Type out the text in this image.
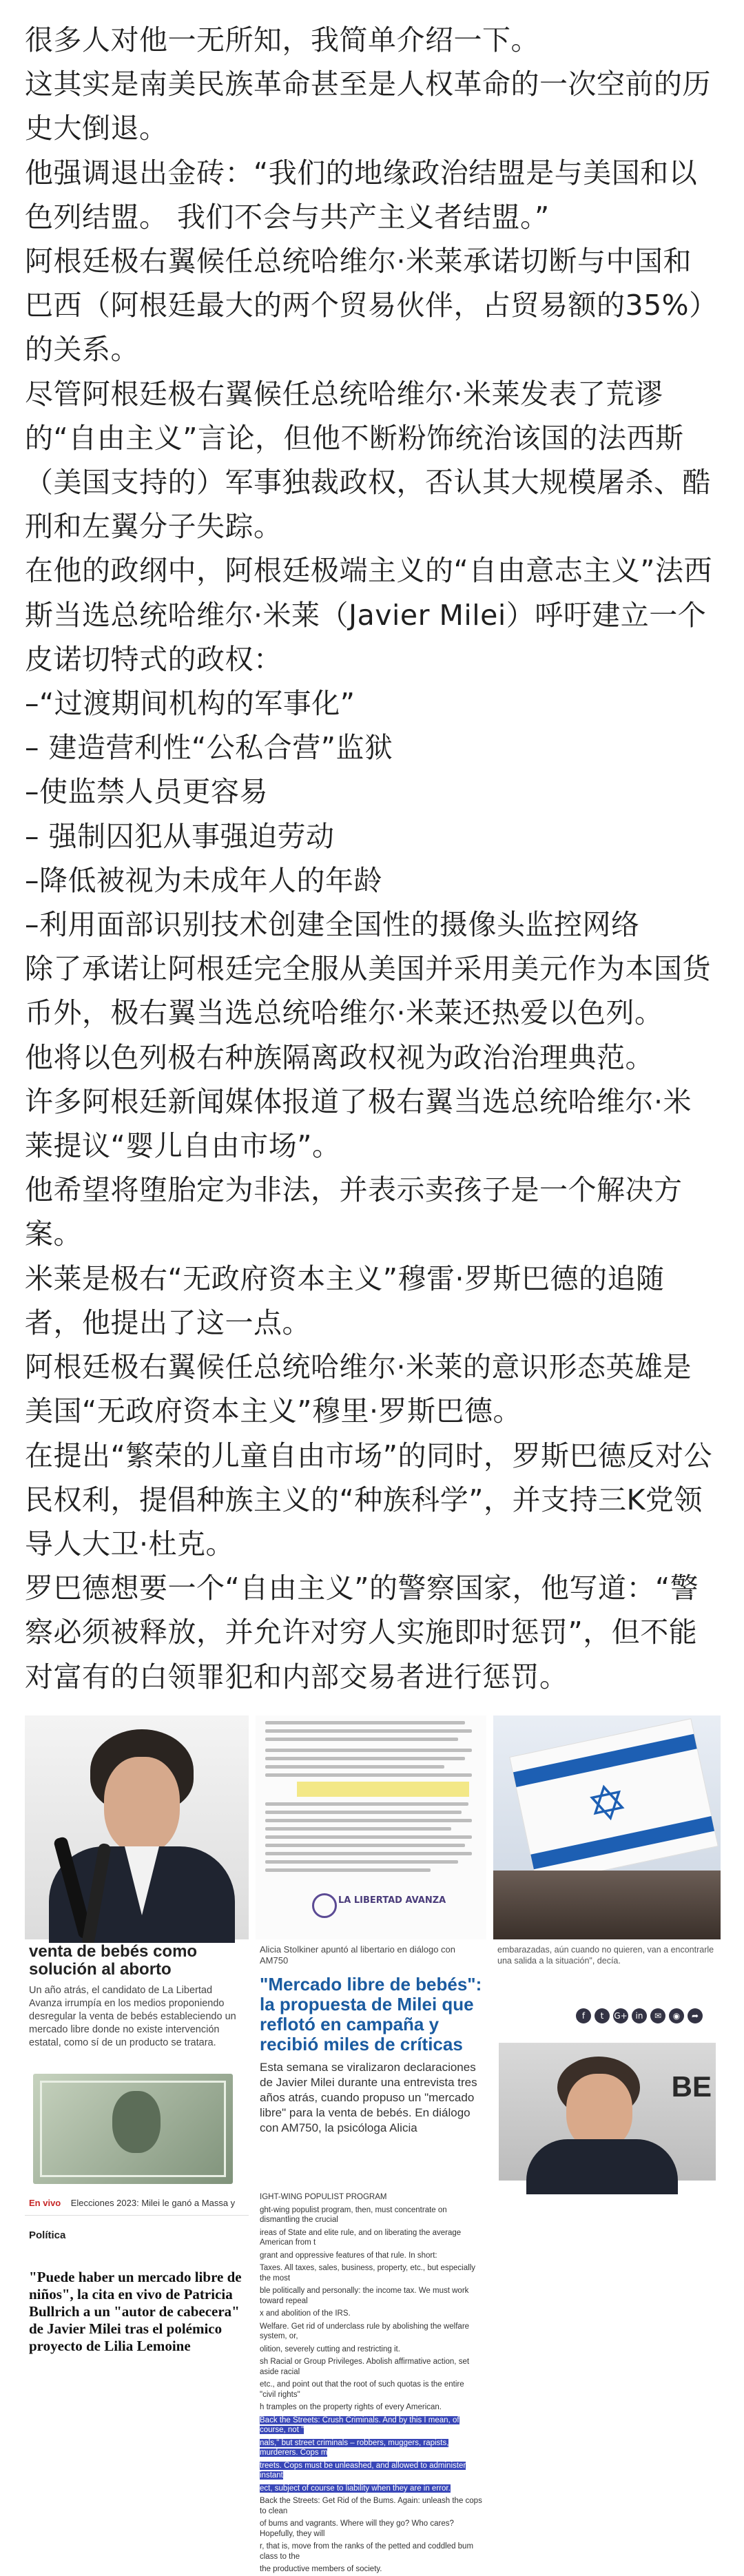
很多人对他一无所知，我简单介绍一下。

这其实是南美民族革命甚至是人权革命的一次空前的历史大倒退。

他强调退出金砖：“我们的地缘政治结盟是与美国和以色列结盟。 我们不会与共产主义者结盟。”

阿根廷极右翼候任总统哈维尔·米莱承诺切断与中国和巴西（阿根廷最大的两个贸易伙伴，占贸易额的35%）的关系。

尽管阿根廷极右翼候任总统哈维尔·米莱发表了荒谬的“自由主义”言论，但他不断粉饰统治该国的法西斯（美国支持的）军事独裁政权，否认其大规模屠杀、酷刑和左翼分子失踪。

在他的政纲中，阿根廷极端主义的“自由意志主义”法西斯当选总统哈维尔·米莱（Javier Milei）呼吁建立一个皮诺切特式的政权：

–“过渡期间机构的军事化”

– 建造营利性“公私合营”监狱

–使监禁人员更容易

– 强制囚犯从事强迫劳动

–降低被视为未成年人的年龄

–利用面部识别技术创建全国性的摄像头监控网络

除了承诺让阿根廷完全服从美国并采用美元作为本国货币外，极右翼当选总统哈维尔·米莱还热爱以色列。

他将以色列极右种族隔离政权视为政治治理典范。

许多阿根廷新闻媒体报道了极右翼当选总统哈维尔·米莱提议“婴儿自由市场”。

他希望将堕胎定为非法，并表示卖孩子是一个解决方案。

米莱是极右“无政府资本主义”穆雷·罗斯巴德的追随者，他提出了这一点。

阿根廷极右翼候任总统哈维尔·米莱的意识形态英雄是美国“无政府资本主义”穆里·罗斯巴德。

在提出“繁荣的儿童自由市场”的同时，罗斯巴德反对公民权利，提倡种族主义的“种族科学”，并支持三K党领导人大卫·杜克。

罗巴德想要一个“自由主义”的警察国家，他写道：“警察必须被释放，并允许对穷人实施即时惩罚”，但不能对富有的白领罪犯和内部交易者进行惩罚。

LA LIBERTAD AVANZA
✡
venta de bebés como solución al aborto
Un año atrás, el candidato de La Libertad Avanza irrumpía en los medios proponiendo desregular la venta de bebés estableciendo un mercado libre donde no existe intervención estatal, como sí de un producto se tratara.
Alicia Stolkiner apuntó al libertario en diálogo con AM750
"Mercado libre de bebés": la propuesta de Milei que reflotó en campaña y recibió miles de críticas
Esta semana se viralizaron declaraciones de Javier Milei durante una entrevista tres años atrás, cuando propuso un "mercado libre" para la venta de bebés. En diálogo con AM750, la psicóloga Alicia
embarazadas, aún cuando no quieren, van a encontrarle una salida a la situación", decía.
f	t	G+ in	✉	◉	➦
BE
En vivo Elecciones 2023: Milei le ganó a Massa y
Política
"Puede haber un mercado libre de niños", la cita en vivo de Patricia Bullrich a un "autor de cabecera" de Javier Milei tras el polémico proyecto de Lilia Lemoine
IGHT-WING POPULIST PROGRAM
ght-wing populist program, then, must concentrate on dismantling the crucial
ireas of State and elite rule, and on liberating the average American from t
grant and oppressive features of that rule. In short:
Taxes. All taxes, sales, business, property, etc., but especially the most
ble politically and personally: the income tax. We must work toward repeal
x and abolition of the IRS.
Welfare. Get rid of underclass rule by abolishing the welfare system, or,
olition, severely cutting and restricting it.
sh Racial or Group Privileges. Abolish affirmative action, set aside racial
etc., and point out that the root of such quotas is the entire "civil rights"
h tramples on the property rights of every American.
Back the Streets: Crush Criminals. And by this I mean, of course, not "
nals," but street criminals – robbers, muggers, rapists, murderers. Cops m
treets. Cops must be unleashed, and allowed to administer instant
ect, subject of course to liability when they are in error.
Back the Streets: Get Rid of the Bums. Again: unleash the cops to clean
of bums and vagrants. Where will they go? Who cares? Hopefully, they will
r, that is, move from the ranks of the petted and coddled bum class to the
the productive members of society.
